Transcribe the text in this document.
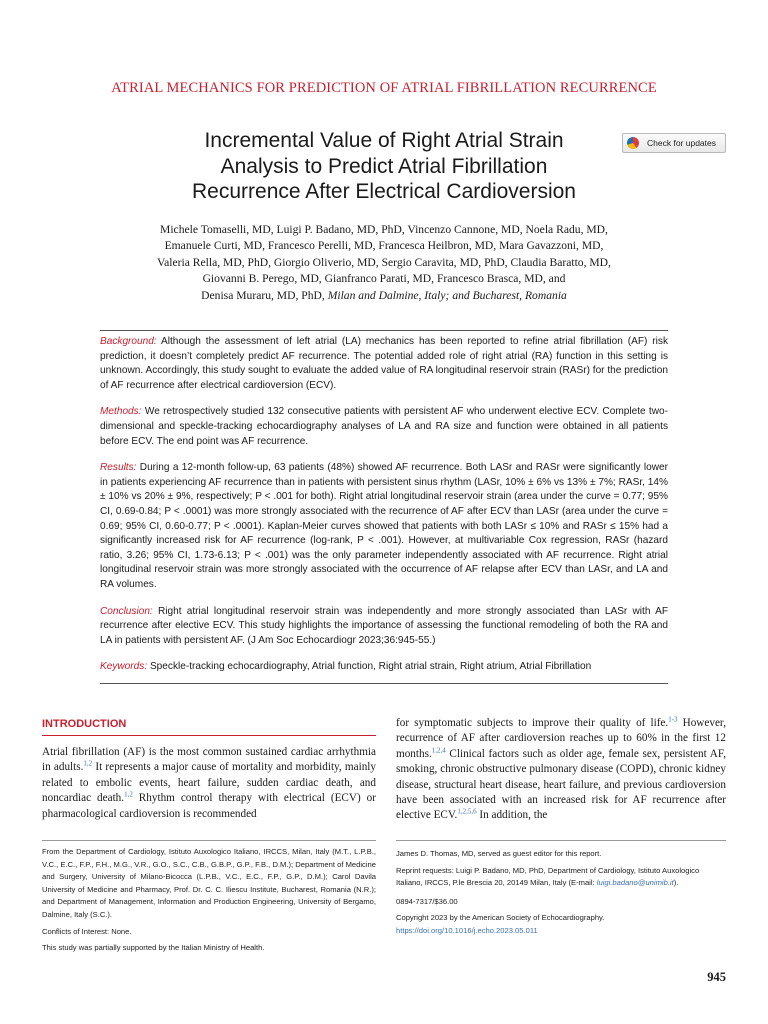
ATRIAL MECHANICS FOR PREDICTION OF ATRIAL FIBRILLATION RECURRENCE
Incremental Value of Right Atrial Strain
Analysis to Predict Atrial Fibrillation
Recurrence After Electrical Cardioversion
Check for updates
Michele Tomaselli, MD, Luigi P. Badano, MD, PhD, Vincenzo Cannone, MD, Noela Radu, MD,
Emanuele Curti, MD, Francesco Perelli, MD, Francesca Heilbron, MD, Mara Gavazzoni, MD,
Valeria Rella, MD, PhD, Giorgio Oliverio, MD, Sergio Caravita, MD, PhD, Claudia Baratto, MD,
Giovanni B. Perego, MD, Gianfranco Parati, MD, Francesco Brasca, MD, and
Denisa Muraru, MD, PhD, Milan and Dalmine, Italy; and Bucharest, Romania

Background: Although the assessment of left atrial (LA) mechanics has been reported to refine atrial fibrillation (AF) risk prediction, it doesn’t completely predict AF recurrence. The potential added role of right atrial (RA) function in this setting is unknown. Accordingly, this study sought to evaluate the added value of RA longitudinal reservoir strain (RASr) for the prediction of AF recurrence after electrical cardioversion (ECV).

Methods: We retrospectively studied 132 consecutive patients with persistent AF who underwent elective ECV. Complete two-dimensional and speckle-tracking echocardiography analyses of LA and RA size and function were obtained in all patients before ECV. The end point was AF recurrence.

Results: During a 12-month follow-up, 63 patients (48%) showed AF recurrence. Both LASr and RASr were significantly lower in patients experiencing AF recurrence than in patients with persistent sinus rhythm (LASr, 10% ± 6% vs 13% ± 7%; RASr, 14% ± 10% vs 20% ± 9%, respectively; P < .001 for both). Right atrial longitudinal reservoir strain (area under the curve = 0.77; 95% CI, 0.69-0.84; P < .0001) was more strongly associated with the recurrence of AF after ECV than LASr (area under the curve = 0.69; 95% CI, 0.60-0.77; P < .0001). Kaplan-Meier curves showed that patients with both LASr ≤ 10% and RASr ≤ 15% had a significantly increased risk for AF recurrence (log-rank, P < .001). However, at multivariable Cox regression, RASr (hazard ratio, 3.26; 95% CI, 1.73-6.13; P < .001) was the only parameter independently associated with AF recurrence. Right atrial longitudinal reservoir strain was more strongly associated with the occurrence of AF relapse after ECV than LASr, and LA and RA volumes.

Conclusion: Right atrial longitudinal reservoir strain was independently and more strongly associated than LASr with AF recurrence after elective ECV. This study highlights the importance of assessing the functional remodeling of both the RA and LA in patients with persistent AF. (J Am Soc Echocardiogr 2023;36:945-55.)

Keywords: Speckle-tracking echocardiography, Atrial function, Right atrial strain, Right atrium, Atrial Fibrillation

INTRODUCTION

Atrial fibrillation (AF) is the most common sustained cardiac arrhythmia in adults.$^{1,2}$ It represents a major cause of mortality and morbidity, mainly related to embolic events, heart failure, sudden cardiac death, and noncardiac death.$^{1,2}$ Rhythm control therapy with electrical (ECV) or pharmacological cardioversion is recommended

for symptomatic subjects to improve their quality of life.$^{1-3}$ However, recurrence of AF after cardioversion reaches up to 60% in the first 12 months.$^{1,2,4}$ Clinical factors such as older age, female sex, persistent AF, smoking, chronic obstructive pulmonary disease (COPD), chronic kidney disease, structural heart disease, heart failure, and previous cardioversion have been associated with an increased risk for AF recurrence after elective ECV.$^{1,2,5,6}$ In addition, the

From the Department of Cardiology, Istituto Auxologico Italiano, IRCCS, Milan, Italy (M.T., L.P.B., V.C., E.C., F.P., F.H., M.G., V.R., G.O., S.C., C.B., G.B.P., G.P., F.B., D.M.); Department of Medicine and Surgery, University of Milano-Bicocca (L.P.B., V.C., E.C., F.P., G.P., D.M.); Carol Davila University of Medicine and Pharmacy, Prof. Dr. C. C. Iliescu Institute, Bucharest, Romania (N.R.); and Department of Management, Information and Production Engineering, University of Bergamo, Dalmine, Italy (S.C.).

Conflicts of Interest: None.

This study was partially supported by the Italian Ministry of Health.

James D. Thomas, MD, served as guest editor for this report.

Reprint requests: Luigi P. Badano, MD, PhD, Department of Cardiology, Istituto Auxologico Italiano, IRCCS, P.le Brescia 20, 20149 Milan, Italy (E-mail: luigi.badano@unimib.it).

0894-7317/$36.00

Copyright 2023 by the American Society of Echocardiography.

https://doi.org/10.1016/j.echo.2023.05.011

945
